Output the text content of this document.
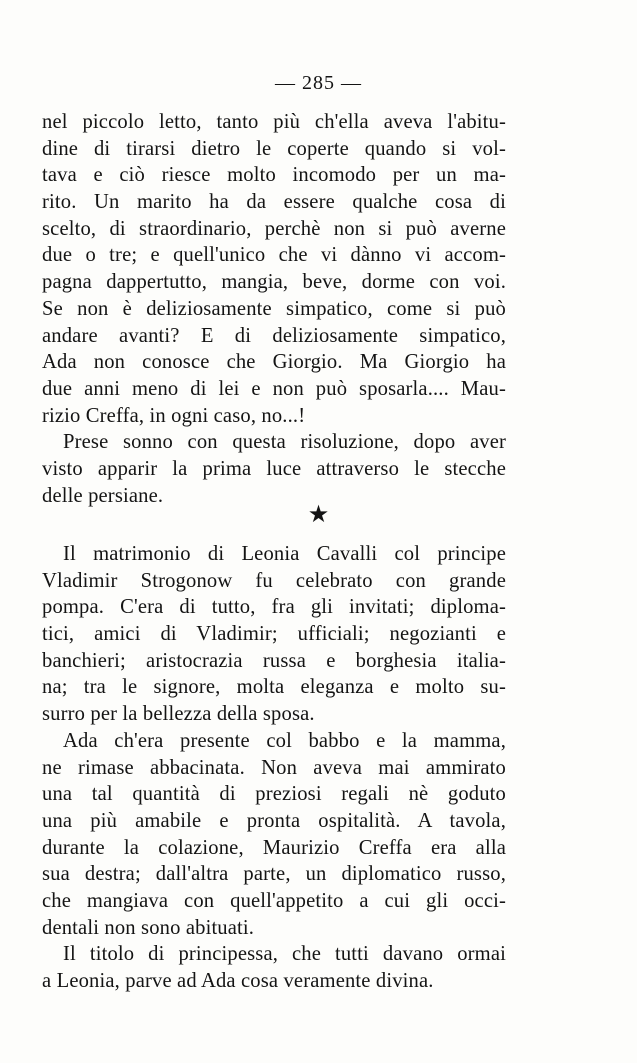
— 285 —

nel piccolo letto, tanto più ch'ella aveva l'abitu-
dine di tirarsi dietro le coperte quando si vol-
tava e ciò riesce molto incomodo per un ma-
rito. Un marito ha da essere qualche cosa di
scelto, di straordinario, perchè non si può averne
due o tre; e quell'unico che vi dànno vi accom-
pagna dappertutto, mangia, beve, dorme con voi.
Se non è deliziosamente simpatico, come si può
andare avanti? E di deliziosamente simpatico,
Ada non conosce che Giorgio. Ma Giorgio ha
due anni meno di lei e non può sposarla.... Mau-
rizio Creffa, in ogni caso, no...!

Prese sonno con questa risoluzione, dopo aver
visto apparir la prima luce attraverso le stecche
delle persiane.

★

Il matrimonio di Leonia Cavalli col principe
Vladimir Strogonow fu celebrato con grande
pompa. C'era di tutto, fra gli invitati; diploma-
tici, amici di Vladimir; ufficiali; negozianti e
banchieri; aristocrazia russa e borghesia italia-
na; tra le signore, molta eleganza e molto su-
surro per la bellezza della sposa.

Ada ch'era presente col babbo e la mamma,
ne rimase abbacinata. Non aveva mai ammirato
una tal quantità di preziosi regali nè goduto
una più amabile e pronta ospitalità. A tavola,
durante la colazione, Maurizio Creffa era alla
sua destra; dall'altra parte, un diplomatico russo,
che mangiava con quell'appetito a cui gli occi-
dentali non sono abituati.

Il titolo di principessa, che tutti davano ormai
a Leonia, parve ad Ada cosa veramente divina.
